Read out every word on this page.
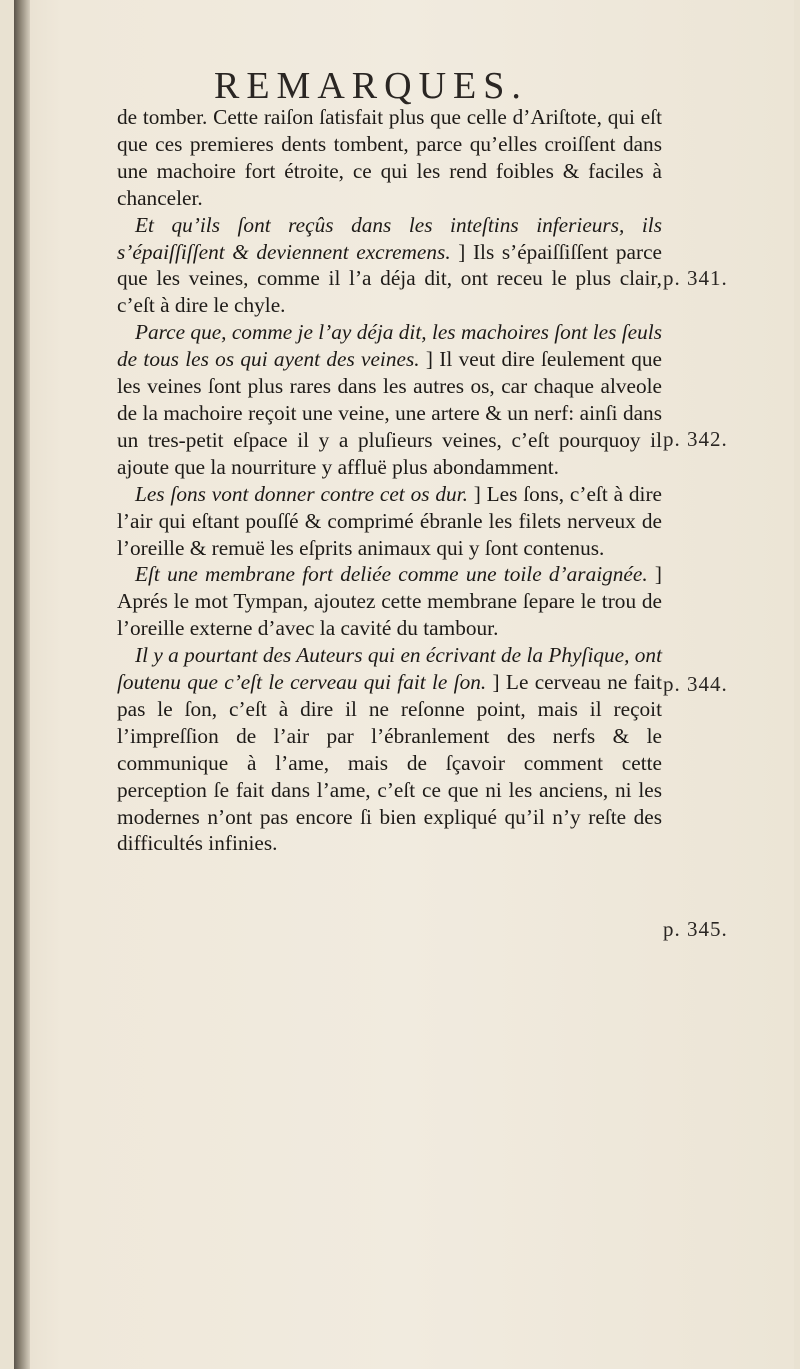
REMARQUES.

de tomber. Cette raiſon ſatisfait plus que celle d’Ariſtote, qui eſt que ces premieres dents tombent, parce qu’elles croiſſent dans une machoire fort étroite, ce qui les rend foibles & faciles à chanceler.

Et qu’ils ſont reçûs dans les inteſtins inferieurs, ils s’épaiſſiſſent & deviennent excremens. ] Ils s’épaiſſiſſent parce que les veines, comme il l’a déja dit, ont receu le plus clair, c’eſt à dire le chyle.

Parce que, comme je l’ay déja dit, les machoires ſont les ſeuls de tous les os qui ayent des veines. ] Il veut dire ſeulement que les veines ſont plus rares dans les autres os, car chaque alveole de la machoire reçoit une veine, une artere & un nerf: ainſi dans un tres-petit eſpace il y a pluſieurs veines, c’eſt pourquoy il ajoute que la nourriture y affluë plus abondamment.

Les ſons vont donner contre cet os dur. ] Les ſons, c’eſt à dire l’air qui eſtant pouſſé & comprimé ébranle les filets nerveux de l’oreille & remuë les eſprits animaux qui y ſont contenus.

Eſt une membrane fort deliée comme une toile d’araignée. ] Aprés le mot Tympan, ajoutez cette membrane ſepare le trou de l’oreille externe d’avec la cavité du tambour.

Il y a pourtant des Auteurs qui en écrivant de la Phyſique, ont ſoutenu que c’eſt le cerveau qui fait le ſon. ] Le cerveau ne fait pas le ſon, c’eſt à dire il ne reſonne point, mais il reçoit l’impreſſion de l’air par l’ébranlement des nerfs & le communique à l’ame, mais de ſçavoir comment cette perception ſe fait dans l’ame, c’eſt ce que ni les anciens, ni les modernes n’ont pas encore ſi bien expliqué qu’il n’y reſte des difficultés infinies.

p. 341.
p. 342.
p. 344.
p. 345.
